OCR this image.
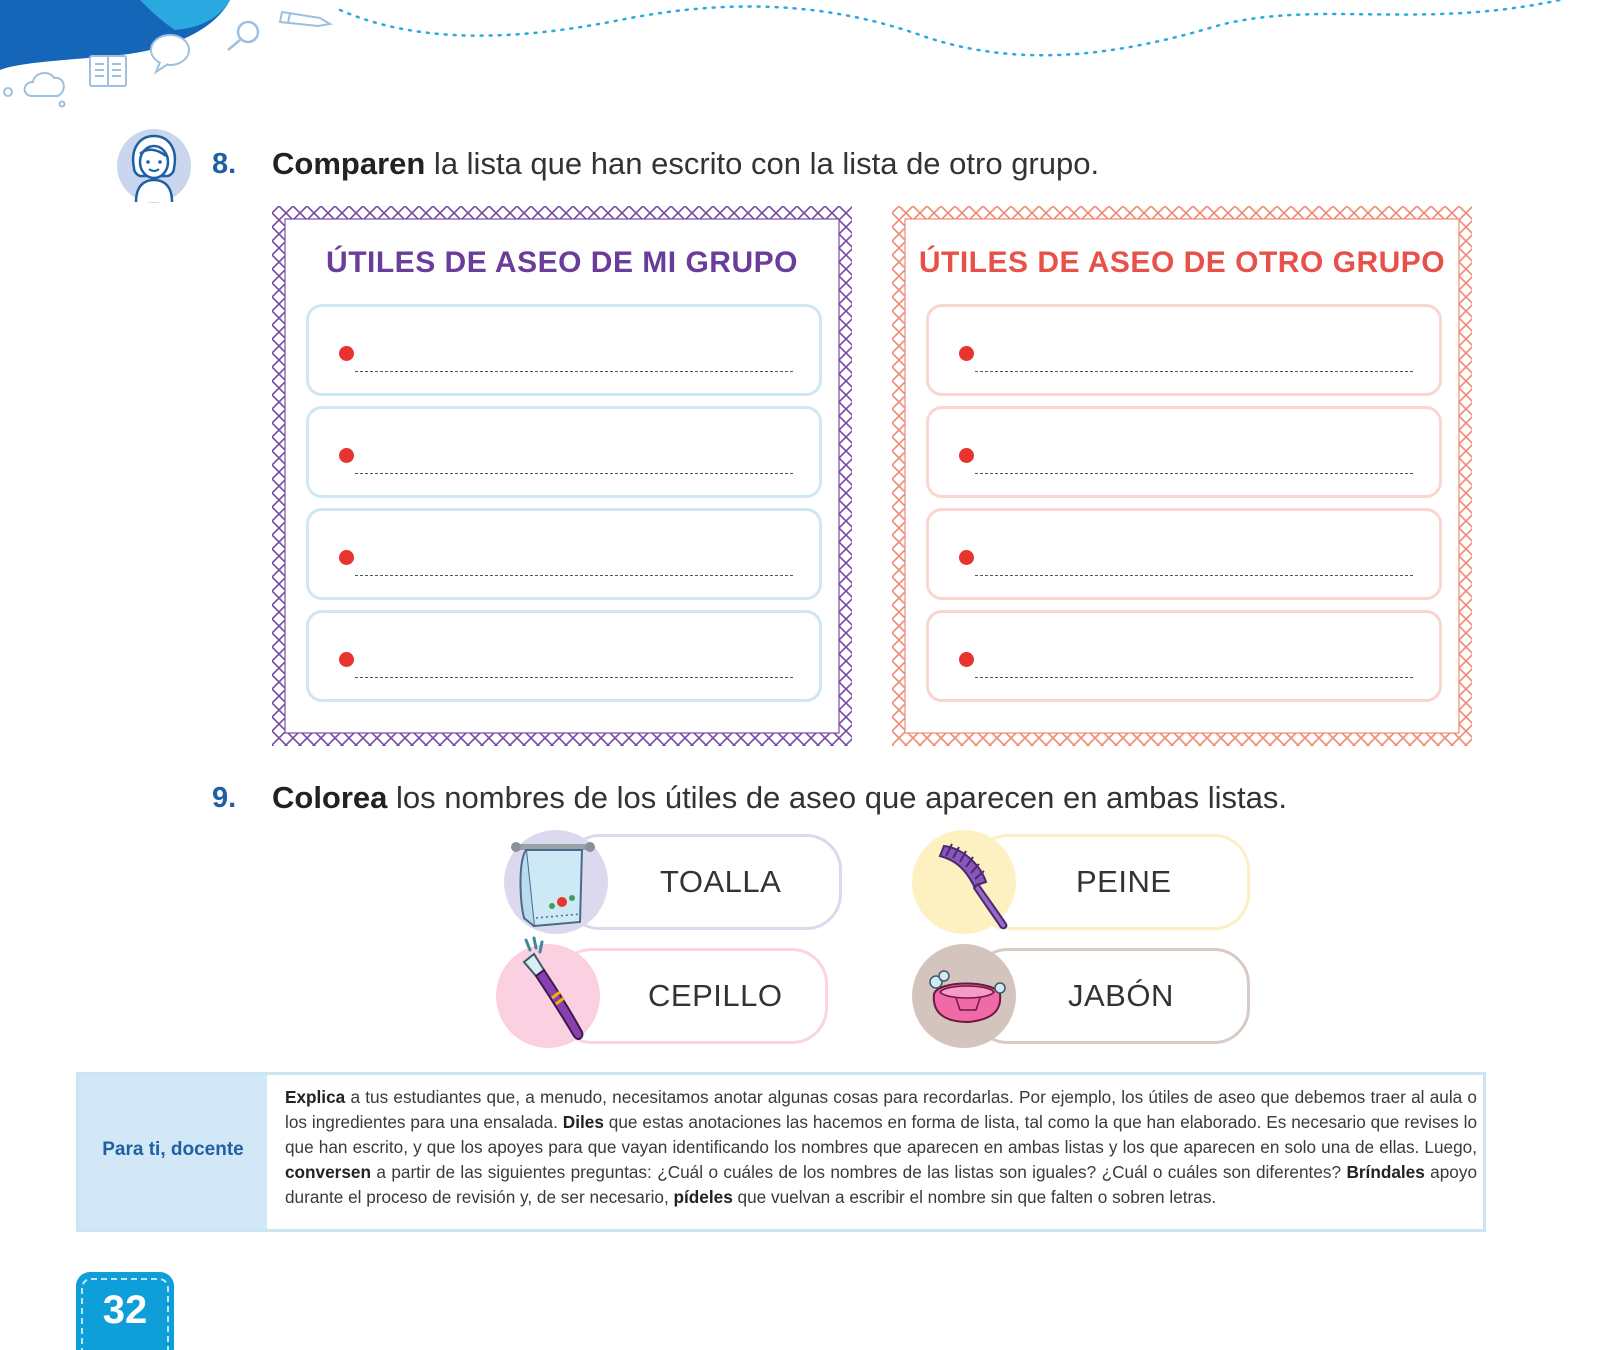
8. Comparen la lista que han escrito con la lista de otro grupo.
ÚTILES DE ASEO DE MI GRUPO	ÚTILES DE ASEO DE OTRO GRUPO
9. Colorea los nombres de los útiles de aseo que aparecen en ambas listas.
TOALLA	PEINE
CEPILLO	JABÓN
Para ti, docente
Explica a tus estudiantes que, a menudo, necesitamos anotar algunas cosas para recordarlas. Por ejemplo, los útiles de aseo que debemos traer al aula o los ingredientes para una ensalada. Diles que estas anotaciones las hacemos en forma de lista, tal como la que han elaborado. Es necesario que revises lo que han escrito, y que los apoyes para que vayan identificando los nombres que aparecen en ambas listas y los que aparecen en solo una de ellas. Luego, conversen a partir de las siguientes preguntas: ¿Cuál o cuáles de los nombres de las listas son iguales? ¿Cuál o cuáles son diferentes? Bríndales apoyo durante el proceso de revisión y, de ser necesario, pídeles que vuelvan a escribir el nombre sin que falten o sobren letras.
32
